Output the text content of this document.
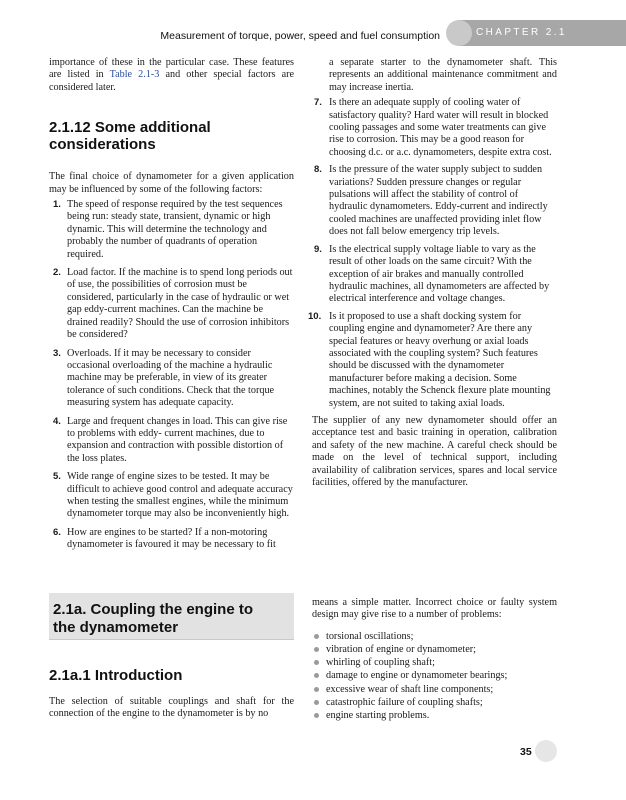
Measurement of torque, power, speed and fuel consumption	CHAPTER 2.1

importance of these in the particular case. These features are listed in Table 2.1-3 and other special factors are considered later.

2.1.12 Some additional considerations

The final choice of dynamometer for a given application may be influenced by some of the following factors:

1. The speed of response required by the test sequences being run: steady state, transient, dynamic or high dynamic. This will determine the technology and probably the number of quadrants of operation required.
2. Load factor. If the machine is to spend long periods out of use, the possibilities of corrosion must be considered, particularly in the case of hydraulic or wet gap eddy-current machines. Can the machine be drained readily? Should the use of corrosion inhibitors be considered?
3. Overloads. If it may be necessary to consider occasional overloading of the machine a hydraulic machine may be preferable, in view of its greater tolerance of such conditions. Check that the torque measuring system has adequate capacity.
4. Large and frequent changes in load. This can give rise to problems with eddy- current machines, due to expansion and contraction with possible distortion of the loss plates.
5. Wide range of engine sizes to be tested. It may be difficult to achieve good control and adequate accuracy when testing the smallest engines, while the minimum dynamometer torque may also be inconveniently high.
6. How are engines to be started? If a non-motoring dynamometer is favoured it may be necessary to fit

a separate starter to the dynamometer shaft. This represents an additional maintenance commitment and may increase inertia.

7. Is there an adequate supply of cooling water of satisfactory quality? Hard water will result in blocked cooling passages and some water treatments can give rise to corrosion. This may be a good reason for choosing d.c. or a.c. dynamometers, despite extra cost.
8. Is the pressure of the water supply subject to sudden variations? Sudden pressure changes or regular pulsations will affect the stability of control of hydraulic dynamometers. Eddy-current and indirectly cooled machines are unaffected providing inlet flow does not fall below emergency trip levels.
9. Is the electrical supply voltage liable to vary as the result of other loads on the same circuit? With the exception of air brakes and manually controlled hydraulic machines, all dynamometers are affected by electrical interference and voltage changes.
10. Is it proposed to use a shaft docking system for coupling engine and dynamometer? Are there any special features or heavy overhung or axial loads associated with the coupling system? Such features should be discussed with the dynamometer manufacturer before making a decision. Some machines, notably the Schenck flexure plate mounting system, are not suited to taking axial loads.

The supplier of any new dynamometer should offer an acceptance test and basic training in operation, calibration and safety of the new machine. A careful check should be made on the level of technical support, including availability of calibration services, spares and local service facilities, offered by the manufacturer.

2.1a. Coupling the engine to the dynamometer
2.1a.1 Introduction

The selection of suitable couplings and shaft for the connection of the engine to the dynamometer is by no

means a simple matter. Incorrect choice or faulty system design may give rise to a number of problems:

torsional oscillations;
vibration of engine or dynamometer;
whirling of coupling shaft;
damage to engine or dynamometer bearings;
excessive wear of shaft line components;
catastrophic failure of coupling shafts;
engine starting problems.
35
